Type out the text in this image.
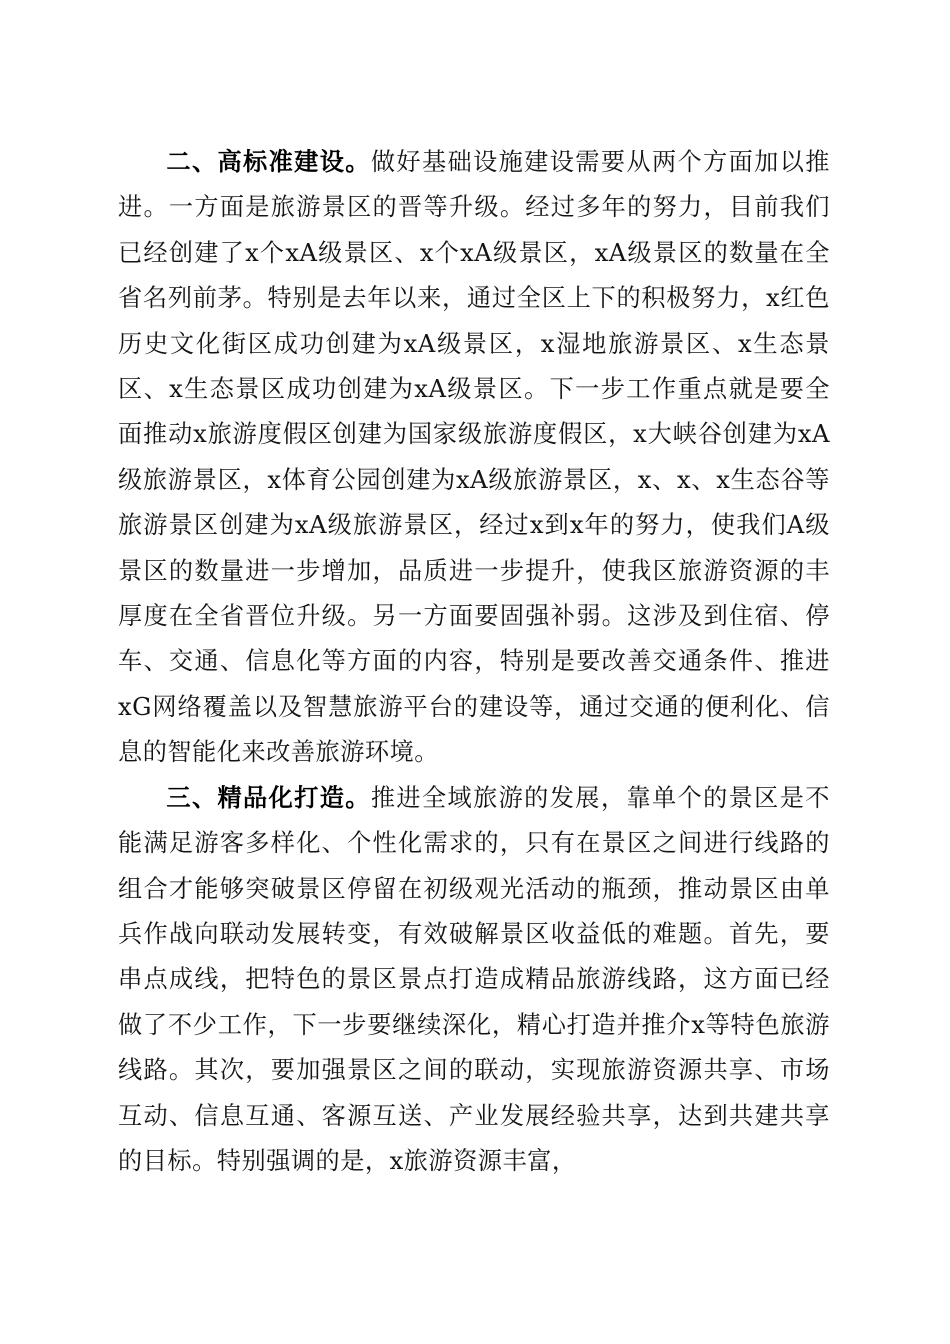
二、高标准建设。做好基础设施建设需要从两个方面加以推进。一方面是旅游景区的晋等升级。经过多年的努力，目前我们已经创建了x个xA级景区、x个xA级景区，xA级景区的数量在全省名列前茅。特别是去年以来，通过全区上下的积极努力，x红色历史文化街区成功创建为xA级景区，x湿地旅游景区、x生态景区、x生态景区成功创建为xA级景区。下一步工作重点就是要全面推动x旅游度假区创建为国家级旅游度假区，x大峡谷创建为xA级旅游景区，x体育公园创建为xA级旅游景区，x、x、x生态谷等旅游景区创建为xA级旅游景区，经过x到x年的努力，使我们A级景区的数量进一步增加，品质进一步提升，使我区旅游资源的丰厚度在全省晋位升级。另一方面要固强补弱。这涉及到住宿、停车、交通、信息化等方面的内容，特别是要改善交通条件、推进xG网络覆盖以及智慧旅游平台的建设等，通过交通的便利化、信息的智能化来改善旅游环境。

三、精品化打造。推进全域旅游的发展，靠单个的景区是不能满足游客多样化、个性化需求的，只有在景区之间进行线路的组合才能够突破景区停留在初级观光活动的瓶颈，推动景区由单兵作战向联动发展转变，有效破解景区收益低的难题。首先，要串点成线，把特色的景区景点打造成精品旅游线路，这方面已经做了不少工作，下一步要继续深化，精心打造并推介x等特色旅游线路。其次，要加强景区之间的联动，实现旅游资源共享、市场互动、信息互通、客源互送、产业发展经验共享，达到共建共享的目标。特别强调的是，x旅游资源丰富，
